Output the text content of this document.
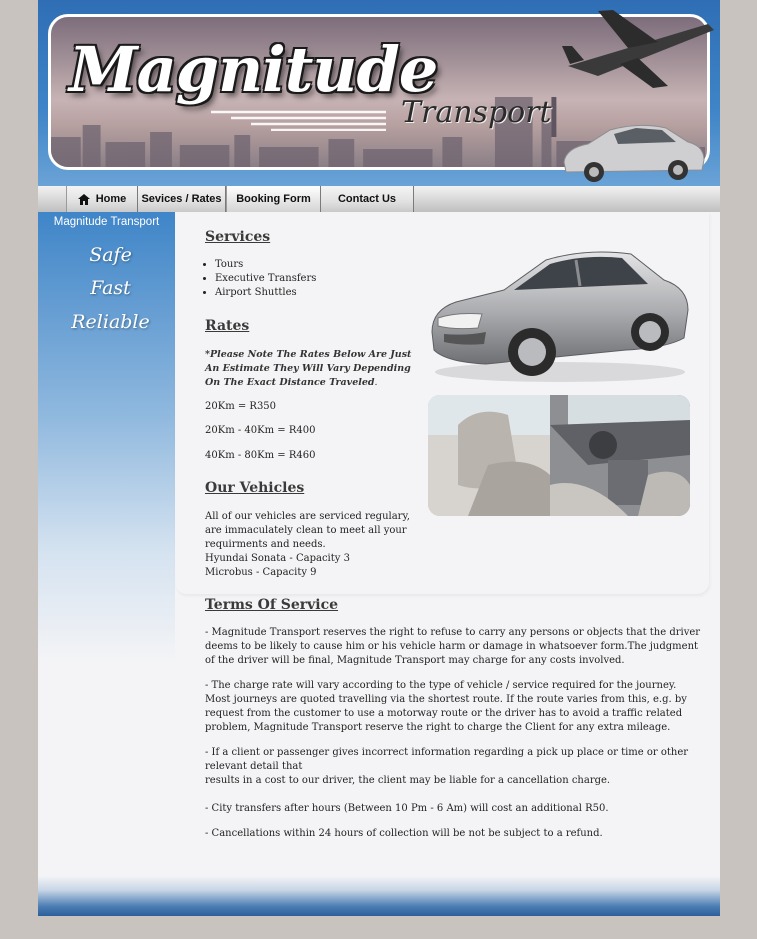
Magnitude
Transport
Home Sevices / Rates Booking Form Contact Us
Magnitude Transport
Safe
Fast
Reliable
Services
• Tours
• Executive Transfers
• Airport Shuttles
Rates
*Please Note The Rates Below Are Just An Estimate They Will Vary Depending On The Exact Distance Traveled.
20Km = R350
20Km - 40Km = R400
40Km - 80Km = R460
Our Vehicles
All of our vehicles are serviced regulary,
are immaculately clean to meet all your
requirments and needs.
Hyundai Sonata - Capacity 3
Microbus - Capacity 9
Terms Of Service

- Magnitude Transport reserves the right to refuse to carry any persons or objects that the driver deems to be likely to cause him or his vehicle harm or damage in whatsoever form.The judgment of the driver will be final, Magnitude Transport may charge for any costs involved.

- The charge rate will vary according to the type of vehicle / service required for the journey.

Most journeys are quoted travelling via the shortest route. If the route varies from this, e.g. by request from the customer to use a motorway route or the driver has to avoid a traffic related problem, Magnitude Transport reserve the right to charge the Client for any extra mileage.

- If a client or passenger gives incorrect information regarding a pick up place or time or other relevant detail that

results in a cost to our driver, the client may be liable for a cancellation charge.

- City transfers after hours (Between 10 Pm - 6 Am) will cost an additional R50.

- Cancellations within 24 hours of collection will be not be subject to a refund.
